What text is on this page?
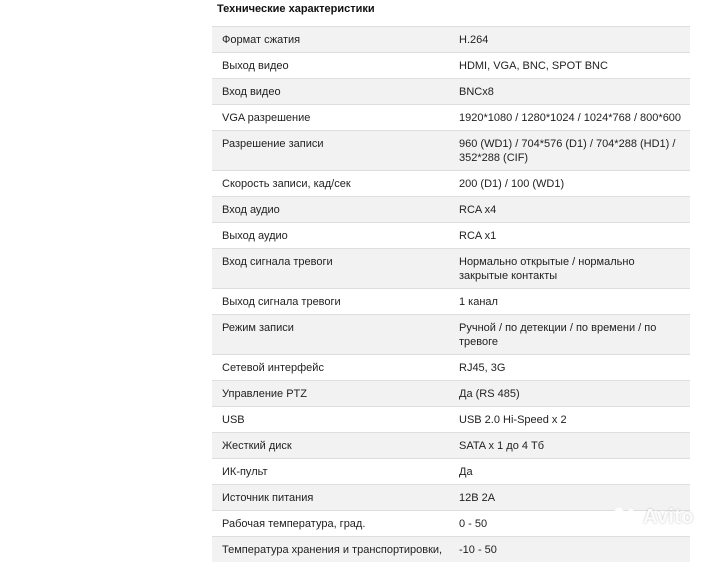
Технические характеристики
Формат сжатия	H.264

Выход видео	HDMI, VGA, BNC, SPOT BNC

Вход видео	BNCx8

VGA разрешение	1920*1080 / 1280*1024 / 1024*768 / 800*600

Разрешение записи	960 (WD1) / 704*576 (D1) / 704*288 (HD1) / 352*288 (CIF)

Скорость записи, кад/сек	200 (D1) / 100 (WD1)

Вход аудио	RCA x4

Выход аудио	RCA x1

Вход сигнала тревоги	Нормально открытые / нормально закрытые контакты

Выход сигнала тревоги	1 канал

Режим записи	Ручной / по детекции / по времени / по тревоге

Сетевой интерфейс	RJ45, 3G

Управление PTZ	Да (RS 485)

USB	USB 2.0 Hi-Speed x 2

Жесткий диск	SATA x 1 до 4 Тб

ИК-пульт	Да

Источник питания	12В 2А

Рабочая температура, град.	0 - 50

Температура хранения и транспортировки,	-10 - 50
Avito
